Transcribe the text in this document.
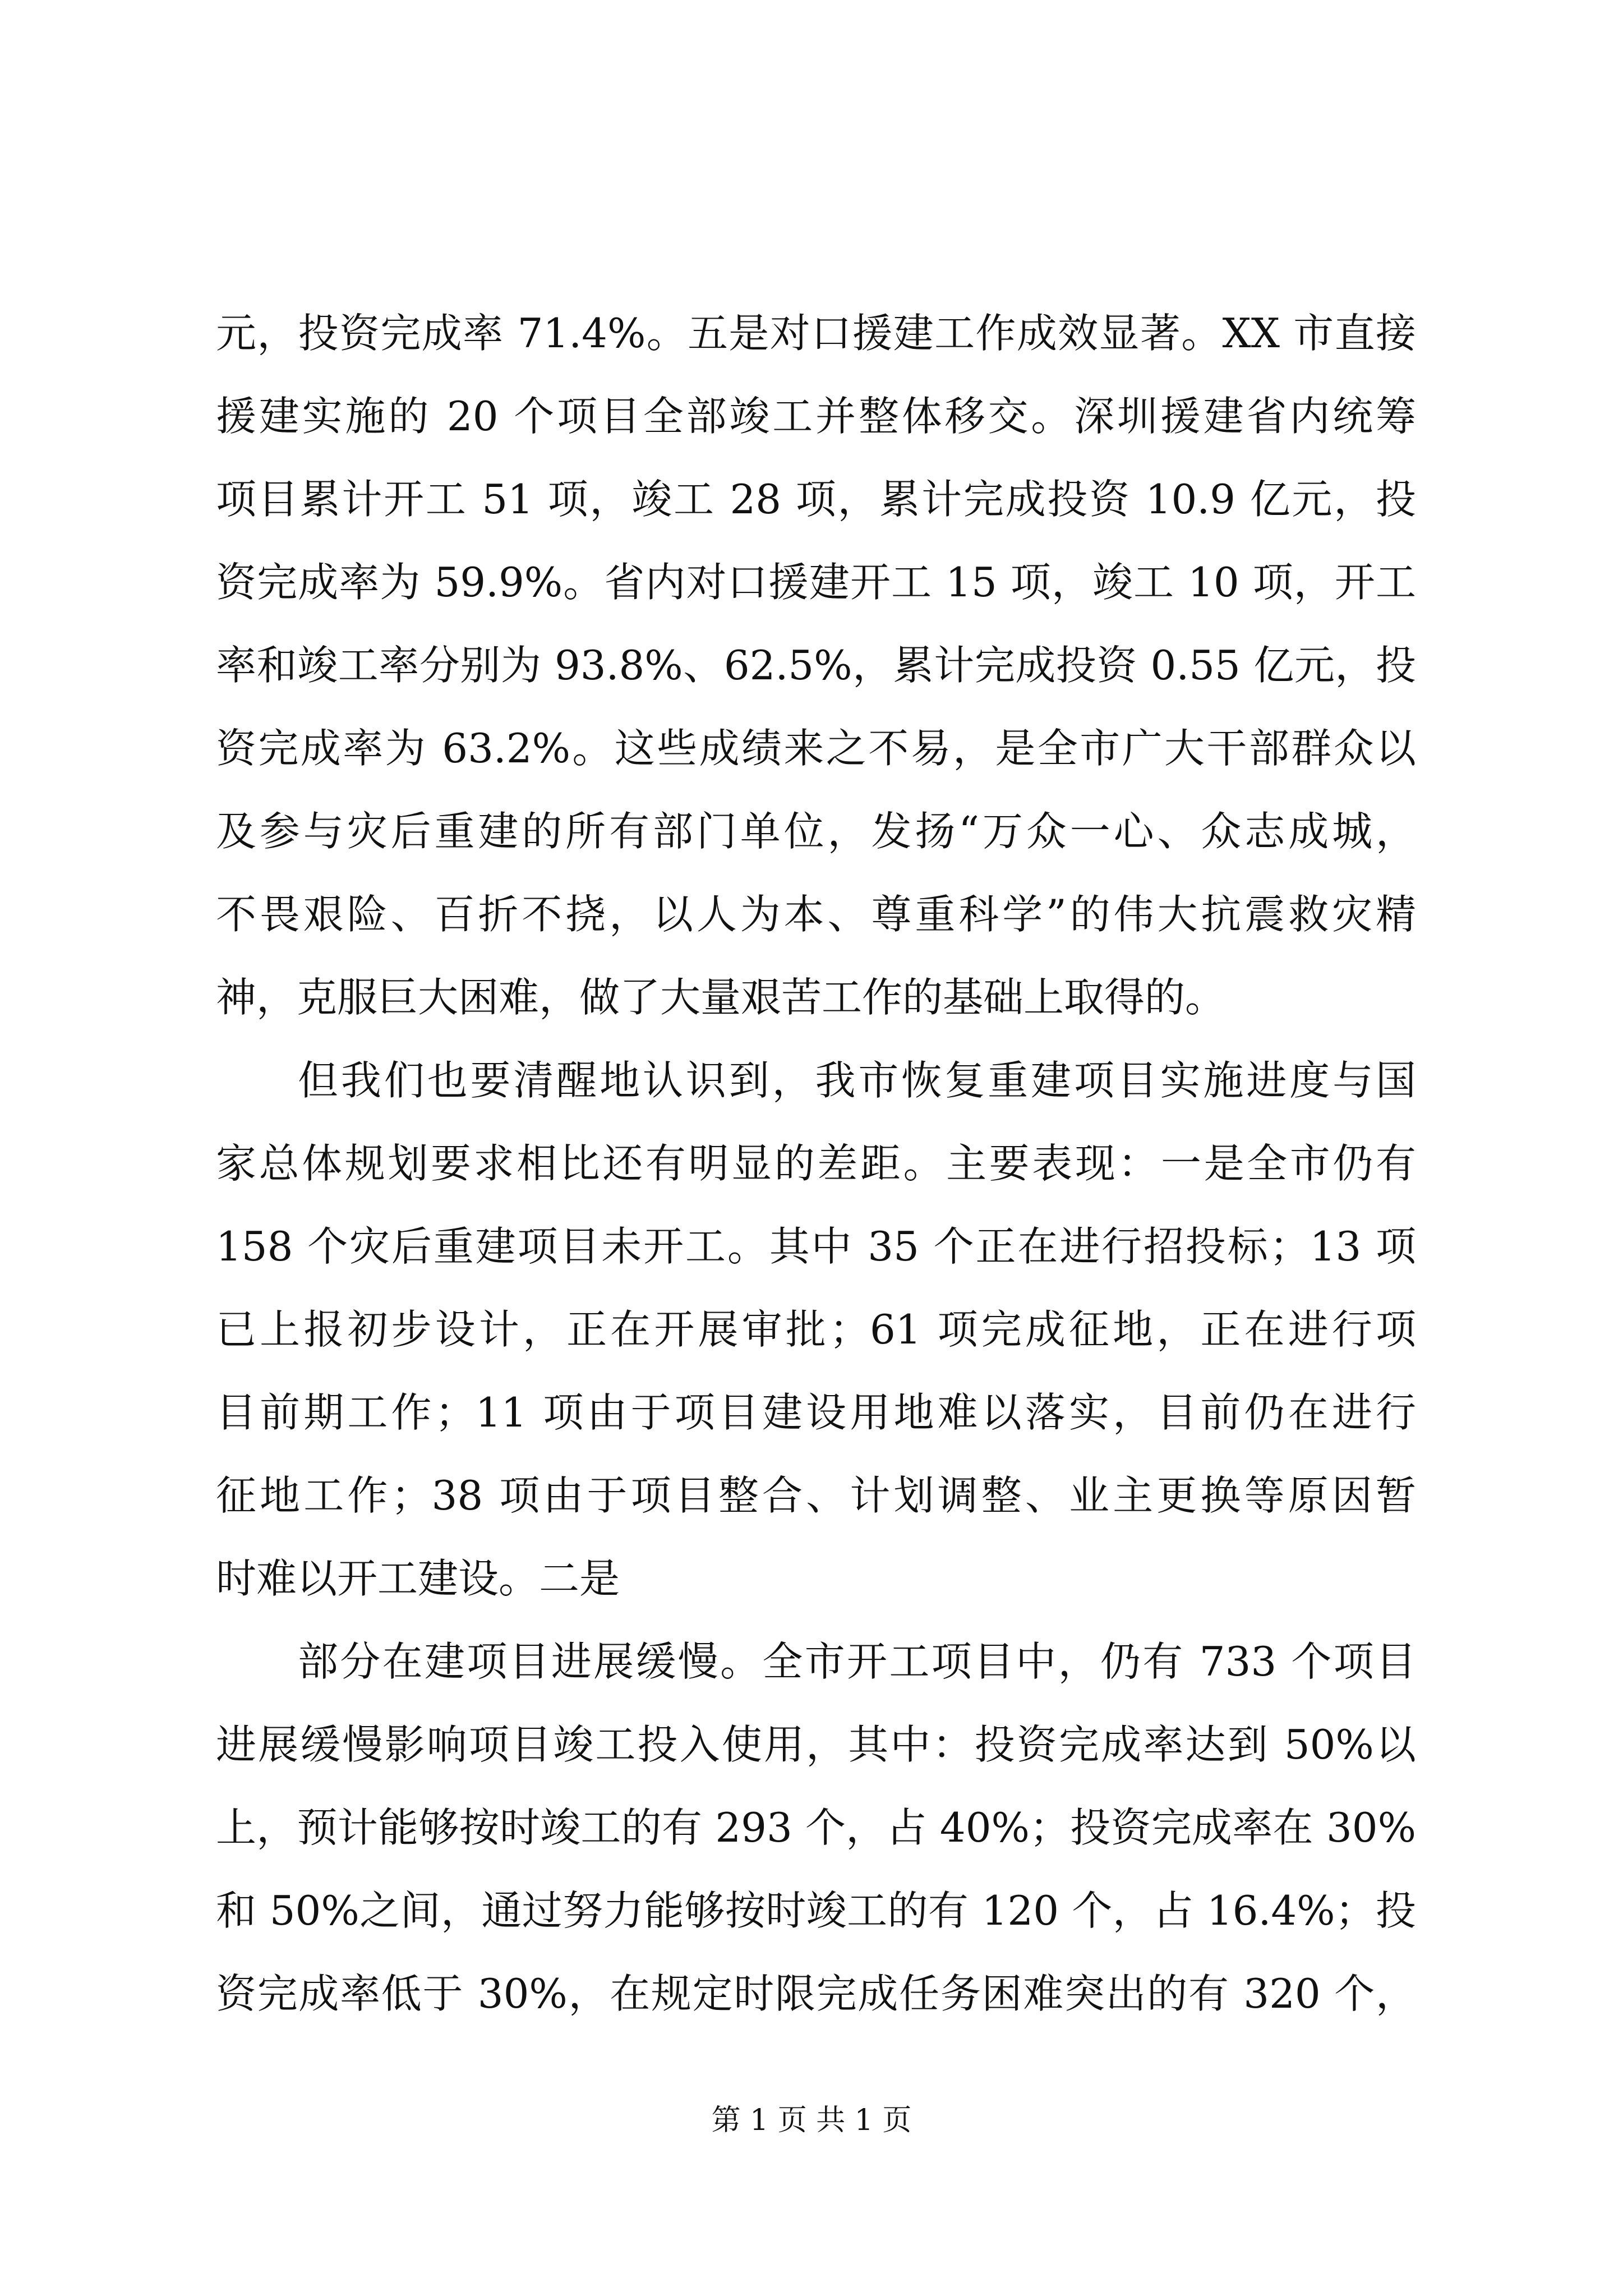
元，投资完成率 71.4%。五是对口援建工作成效显著。XX 市直接
援建实施的 20 个项目全部竣工并整体移交。深圳援建省内统筹
项目累计开工 51 项，竣工 28 项，累计完成投资 10.9 亿元，投
资完成率为 59.9%。省内对口援建开工 15 项，竣工 10 项，开工
率和竣工率分别为 93.8%、62.5%，累计完成投资 0.55 亿元，投
资完成率为 63.2%。这些成绩来之不易，是全市广大干部群众以
及参与灾后重建的所有部门单位，发扬“万众一心、众志成城，
不畏艰险、百折不挠，以人为本、尊重科学”的伟大抗震救灾精
神，克服巨大困难，做了大量艰苦工作的基础上取得的。
但我们也要清醒地认识到，我市恢复重建项目实施进度与国
家总体规划要求相比还有明显的差距。主要表现：一是全市仍有
158 个灾后重建项目未开工。其中 35 个正在进行招投标；13 项
已上报初步设计，正在开展审批；61 项完成征地，正在进行项
目前期工作；11 项由于项目建设用地难以落实，目前仍在进行
征地工作；38 项由于项目整合、计划调整、业主更换等原因暂
时难以开工建设。二是
部分在建项目进展缓慢。全市开工项目中，仍有 733 个项目
进展缓慢影响项目竣工投入使用，其中：投资完成率达到 50%以
上，预计能够按时竣工的有 293 个，占 40%；投资完成率在 30%
和 50%之间，通过努力能够按时竣工的有 120 个，占 16.4%；投
资完成率低于 30%，在规定时限完成任务困难突出的有 320 个，
第 1 页 共 1 页
